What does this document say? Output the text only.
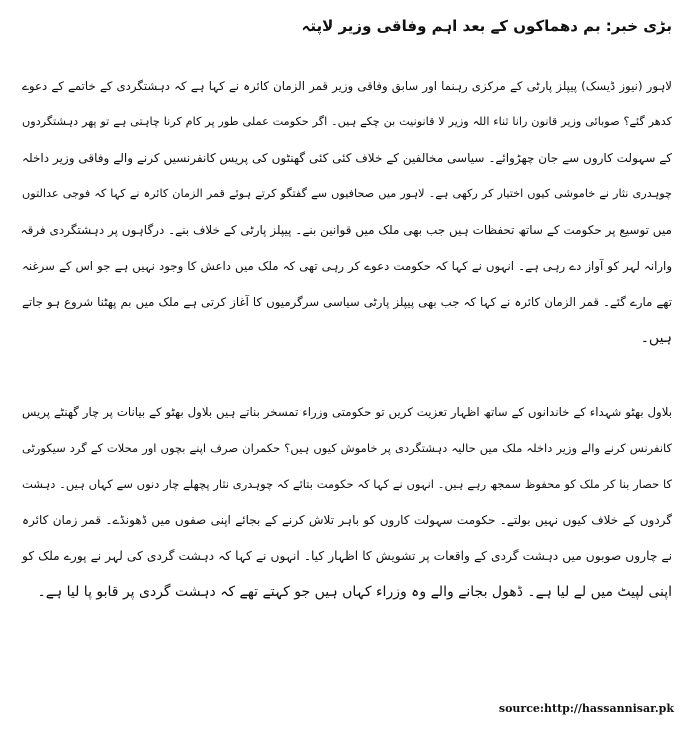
بڑی خبر: بم دھماکوں کے بعد اہم وفاقی وزیر لاپتہ
لاہور (نیوز ڈیسک) پیپلز پارٹی کے مرکزی رہنما اور سابق وفاقی وزیر قمر الزمان کائرہ نے کہا ہے کہ دہشتگردی کے خاتمے کے دعوے
کدھر گئے؟ صوبائی وزیر قانون رانا ثناء اللہ وزیر لا قانونیت بن چکے ہیں۔ اگر حکومت عملی طور پر کام کرنا چاہتی ہے تو پھر دہشتگردوں
کے سہولت کاروں سے جان چھڑوائے۔ سیاسی مخالفین کے خلاف کئی کئی گھنٹوں کی پریس کانفرنسیں کرنے والے وفاقی وزیر داخلہ
چوہدری نثار نے خاموشی کیوں اختیار کر رکھی ہے۔ لاہور میں صحافیوں سے گفتگو کرتے ہوئے قمر الزمان کائرہ نے کہا کہ فوجی عدالتوں
میں توسیع پر حکومت کے ساتھ تحفظات ہیں جب بھی ملک میں قوانین بنے۔ پیپلز پارٹی کے خلاف بنے۔ درگاہوں پر دہشتگردی فرقہ
وارانہ لہر کو آواز دے رہی ہے۔ انہوں نے کہا کہ حکومت دعوے کر رہی تھی کہ ملک میں داعش کا وجود نہیں ہے جو اس کے سرغنہ
تھے مارے گئے۔ قمر الزمان کائرہ نے کہا کہ جب بھی پیپلز پارٹی سیاسی سرگرمیوں کا آغاز کرتی ہے ملک میں بم پھٹنا شروع ہو جاتے
ہیں۔
بلاول بھٹو شہداء کے خاندانوں کے ساتھ اظہار تعزیت کریں تو حکومتی وزراء تمسخر بناتے ہیں بلاول بھٹو کے بیانات پر چار گھنٹے پریس
کانفرنس کرنے والے وزیر داخلہ ملک میں حالیہ دہشتگردی پر خاموش کیوں ہیں؟ حکمران صرف اپنے بچوں اور محلات کے گرد سیکورٹی
کا حصار بنا کر ملک کو محفوظ سمجھ رہے ہیں۔ انہوں نے کہا کہ حکومت بتائے کہ چوہدری نثار پچھلے چار دنوں سے کہاں ہیں۔ دہشت
گردوں کے خلاف کیوں نہیں بولتے۔ حکومت سہولت کاروں کو باہر تلاش کرنے کے بجائے اپنی صفوں میں ڈھونڈے۔ قمر زمان کائرہ
نے چاروں صوبوں میں دہشت گردی کے واقعات پر تشویش کا اظہار کیا۔ انہوں نے کہا کہ دہشت گردی کی لہر نے پورے ملک کو
اپنی لپیٹ میں لے لیا ہے۔ ڈھول بجانے والے وہ وزراء کہاں ہیں جو کہتے تھے کہ دہشت گردی پر قابو پا لیا ہے۔
source:http://hassannisar.pk
